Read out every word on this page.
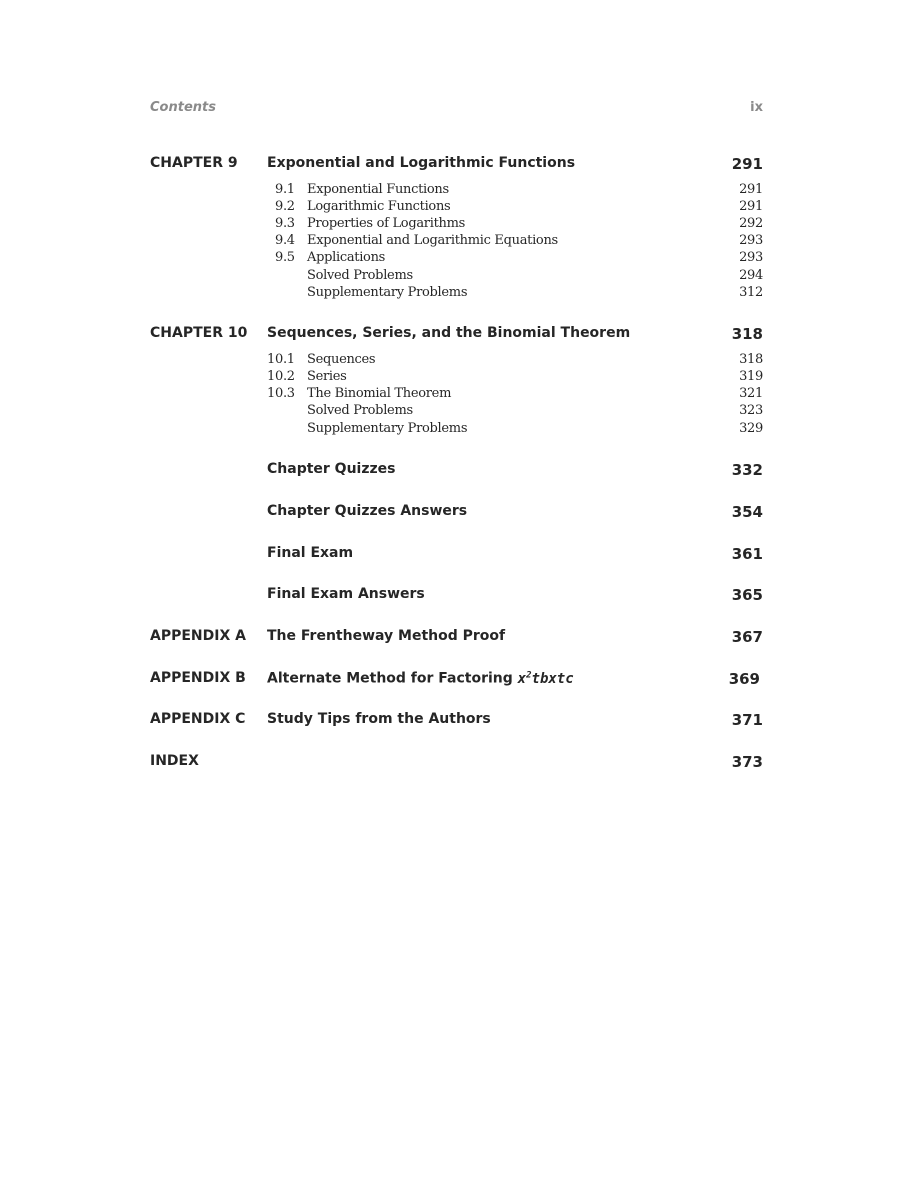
Contents	ix
CHAPTER 9 Exponential and Logarithmic Functions	291
9.1 Exponential Functions	291
9.2 Logarithmic Functions	291
9.3 Properties of Logarithms	292
9.4 Exponential and Logarithmic Equations	293
9.5 Applications	293
Solved Problems	294
Supplementary Problems	312
CHAPTER 10 Sequences, Series, and the Binomial Theorem	318
10.1 Sequences	318
10.2 Series	319
10.3 The Binomial Theorem	321
Solved Problems	323
Supplementary Problems	329
Chapter Quizzes	332
Chapter Quizzes Answers	354
Final Exam	361
Final Exam Answers	365
APPENDIX A The Frentheway Method Proof	367
APPENDIX B Alternate Method for Factoring $x^2tbxtc$	369
APPENDIX C Study Tips from the Authors	371
INDEX	373
